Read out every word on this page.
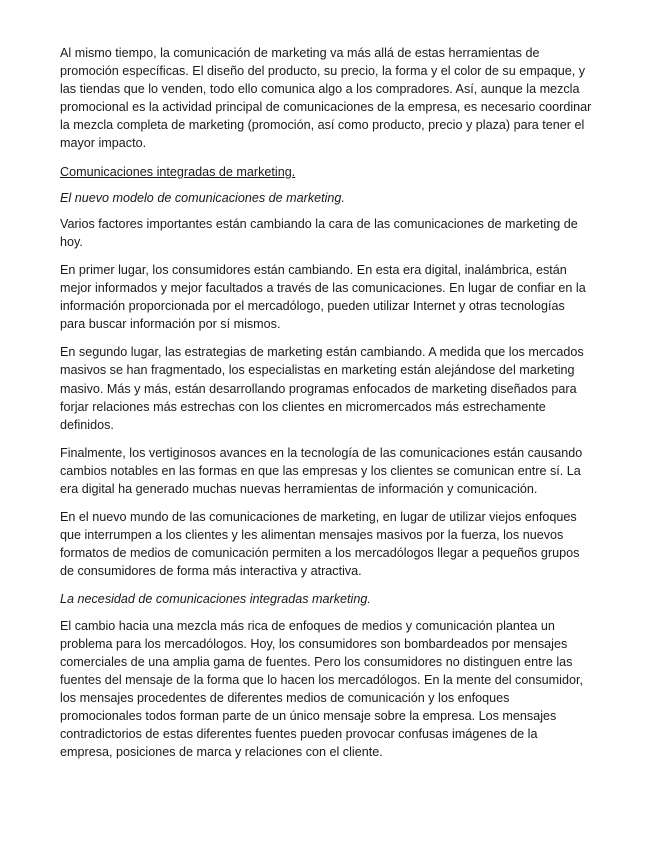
Al mismo tiempo, la comunicación de marketing va más allá de estas herramientas de promoción específicas. El diseño del producto, su precio, la forma y el color de su empaque, y las tiendas que lo venden, todo ello comunica algo a los compradores. Así, aunque la mezcla promocional es la actividad principal de comunicaciones de la empresa, es necesario coordinar la mezcla completa de marketing (promoción, así como producto, precio y plaza) para tener el mayor impacto.

Comunicaciones integradas de marketing.

El nuevo modelo de comunicaciones de marketing.

Varios factores importantes están cambiando la cara de las comunicaciones de marketing de hoy.

En primer lugar, los consumidores están cambiando. En esta era digital, inalámbrica, están mejor informados y mejor facultados a través de las comunicaciones. En lugar de confiar en la información proporcionada por el mercadólogo, pueden utilizar Internet y otras tecnologías para buscar información por sí mismos.

En segundo lugar, las estrategias de marketing están cambiando. A medida que los mercados masivos se han fragmentado, los especialistas en marketing están alejándose del marketing masivo. Más y más, están desarrollando programas enfocados de marketing diseñados para forjar relaciones más estrechas con los clientes en micromercados más estrechamente definidos.

Finalmente, los vertiginosos avances en la tecnología de las comunicaciones están causando cambios notables en las formas en que las empresas y los clientes se comunican entre sí. La era digital ha generado muchas nuevas herramientas de información y comunicación.

En el nuevo mundo de las comunicaciones de marketing, en lugar de utilizar viejos enfoques que interrumpen a los clientes y les alimentan mensajes masivos por la fuerza, los nuevos formatos de medios de comunicación permiten a los mercadólogos llegar a pequeños grupos de consumidores de forma más interactiva y atractiva.

La necesidad de comunicaciones integradas marketing.

El cambio hacia una mezcla más rica de enfoques de medios y comunicación plantea un problema para los mercadólogos. Hoy, los consumidores son bombardeados por mensajes comerciales de una amplia gama de fuentes. Pero los consumidores no distinguen entre las fuentes del mensaje de la forma que lo hacen los mercadólogos. En la mente del consumidor, los mensajes procedentes de diferentes medios de comunicación y los enfoques promocionales todos forman parte de un único mensaje sobre la empresa. Los mensajes contradictorios de estas diferentes fuentes pueden provocar confusas imágenes de la empresa, posiciones de marca y relaciones con el cliente.
